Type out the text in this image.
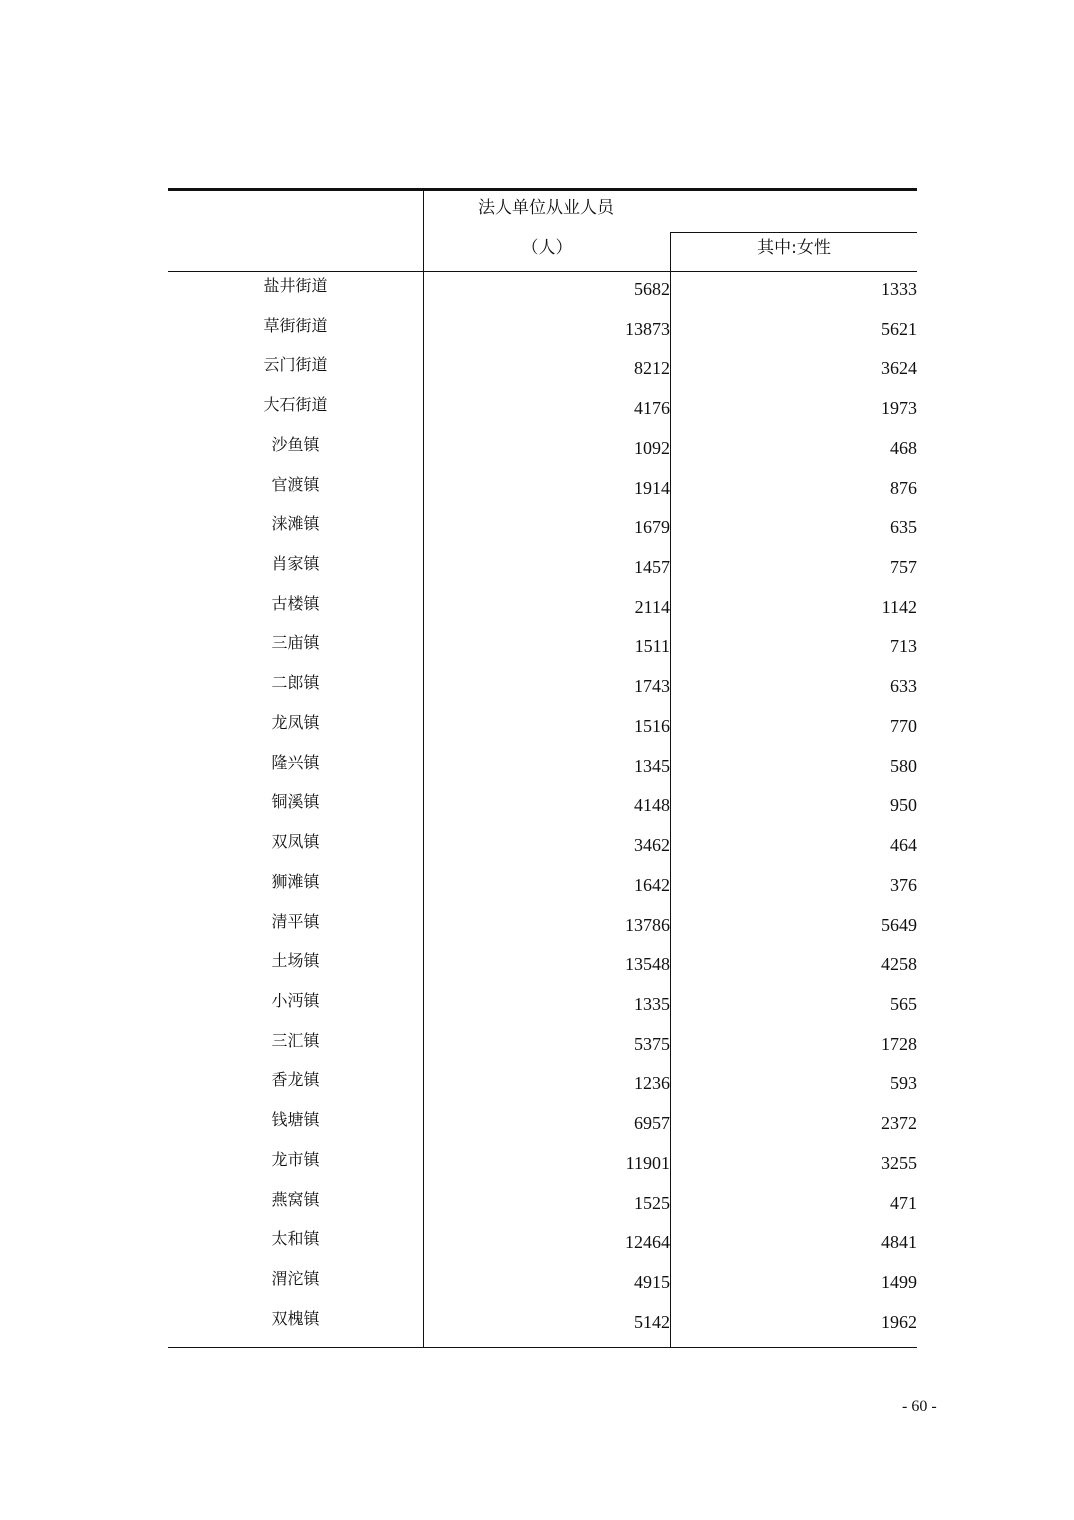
法人单位从业人员
（人）	其中:女性
盐井街道	5682	1333
草街街道	13873	5621
云门街道	8212	3624
大石街道	4176	1973
沙鱼镇	1092	468
官渡镇	1914	876
涞滩镇	1679	635
肖家镇	1457	757
古楼镇	2114	1142
三庙镇	1511	713
二郎镇	1743	633
龙凤镇	1516	770
隆兴镇	1345	580
铜溪镇	4148	950
双凤镇	3462	464
狮滩镇	1642	376
清平镇	13786	5649
土场镇	13548	4258
小沔镇	1335	565
三汇镇	5375	1728
香龙镇	1236	593
钱塘镇	6957	2372
龙市镇	11901	3255
燕窝镇	1525	471
太和镇	12464	4841
渭沱镇	4915	1499
双槐镇	5142	1962
- 60 -
